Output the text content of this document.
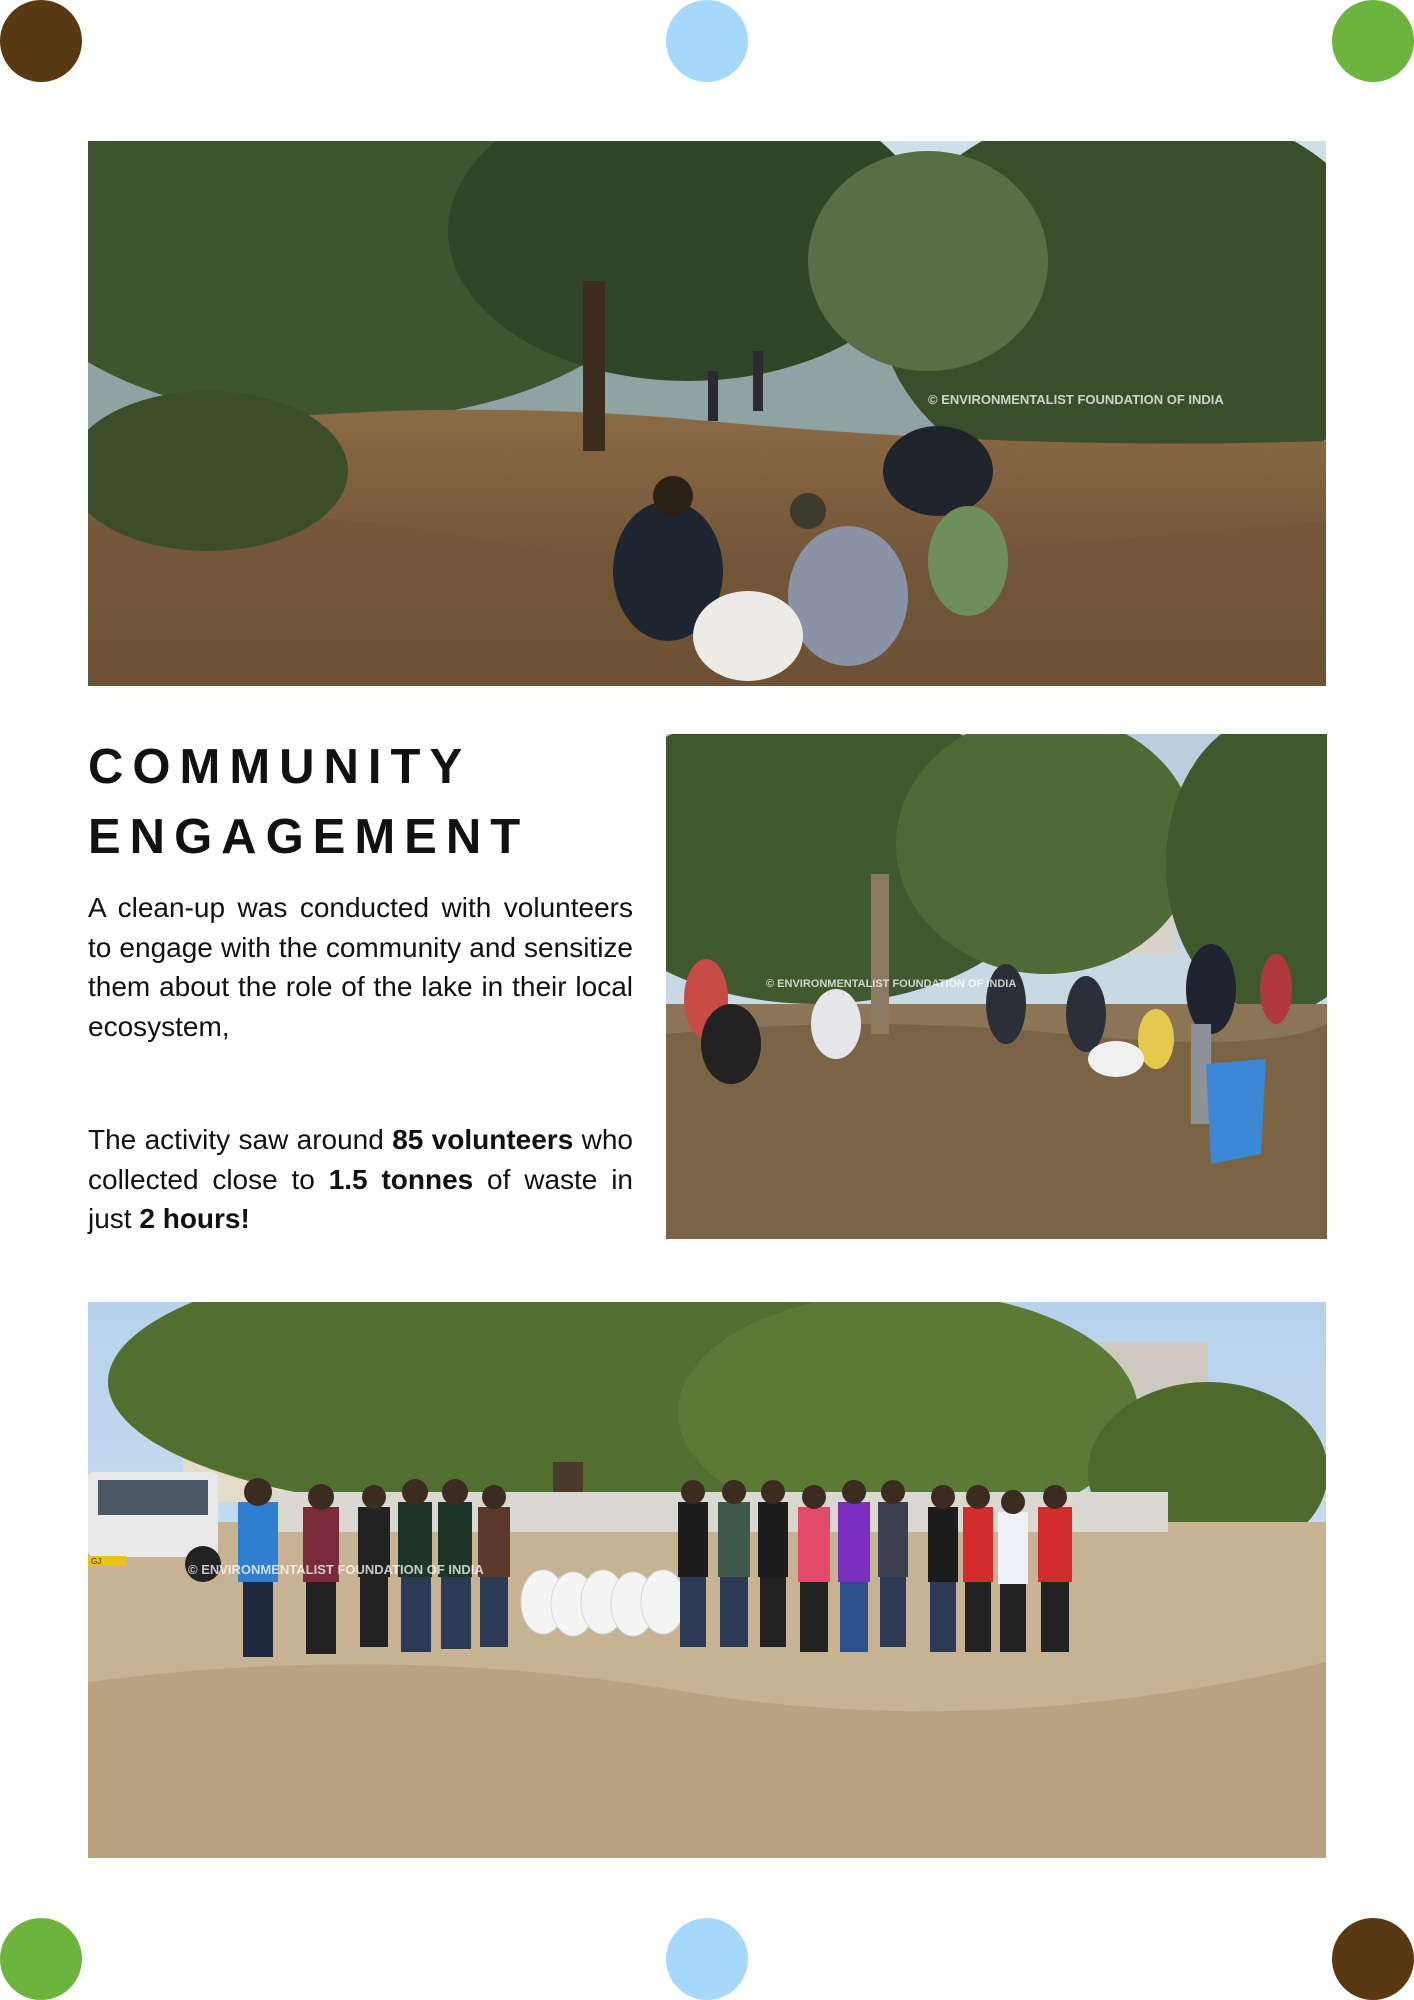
© ENVIRONMENTALIST FOUNDATION OF INDIA
COMMUNITY
ENGAGEMENT

A clean-up was conducted with volunteers to engage with the community and sensitize them about the role of the lake in their local ecosystem,

The activity saw around 85 volunteers who collected close to 1.5 tonnes of waste in just 2 hours!

© ENVIRONMENTALIST FOUNDATION OF INDIA
GJ
© ENVIRONMENTALIST FOUNDATION OF INDIA
